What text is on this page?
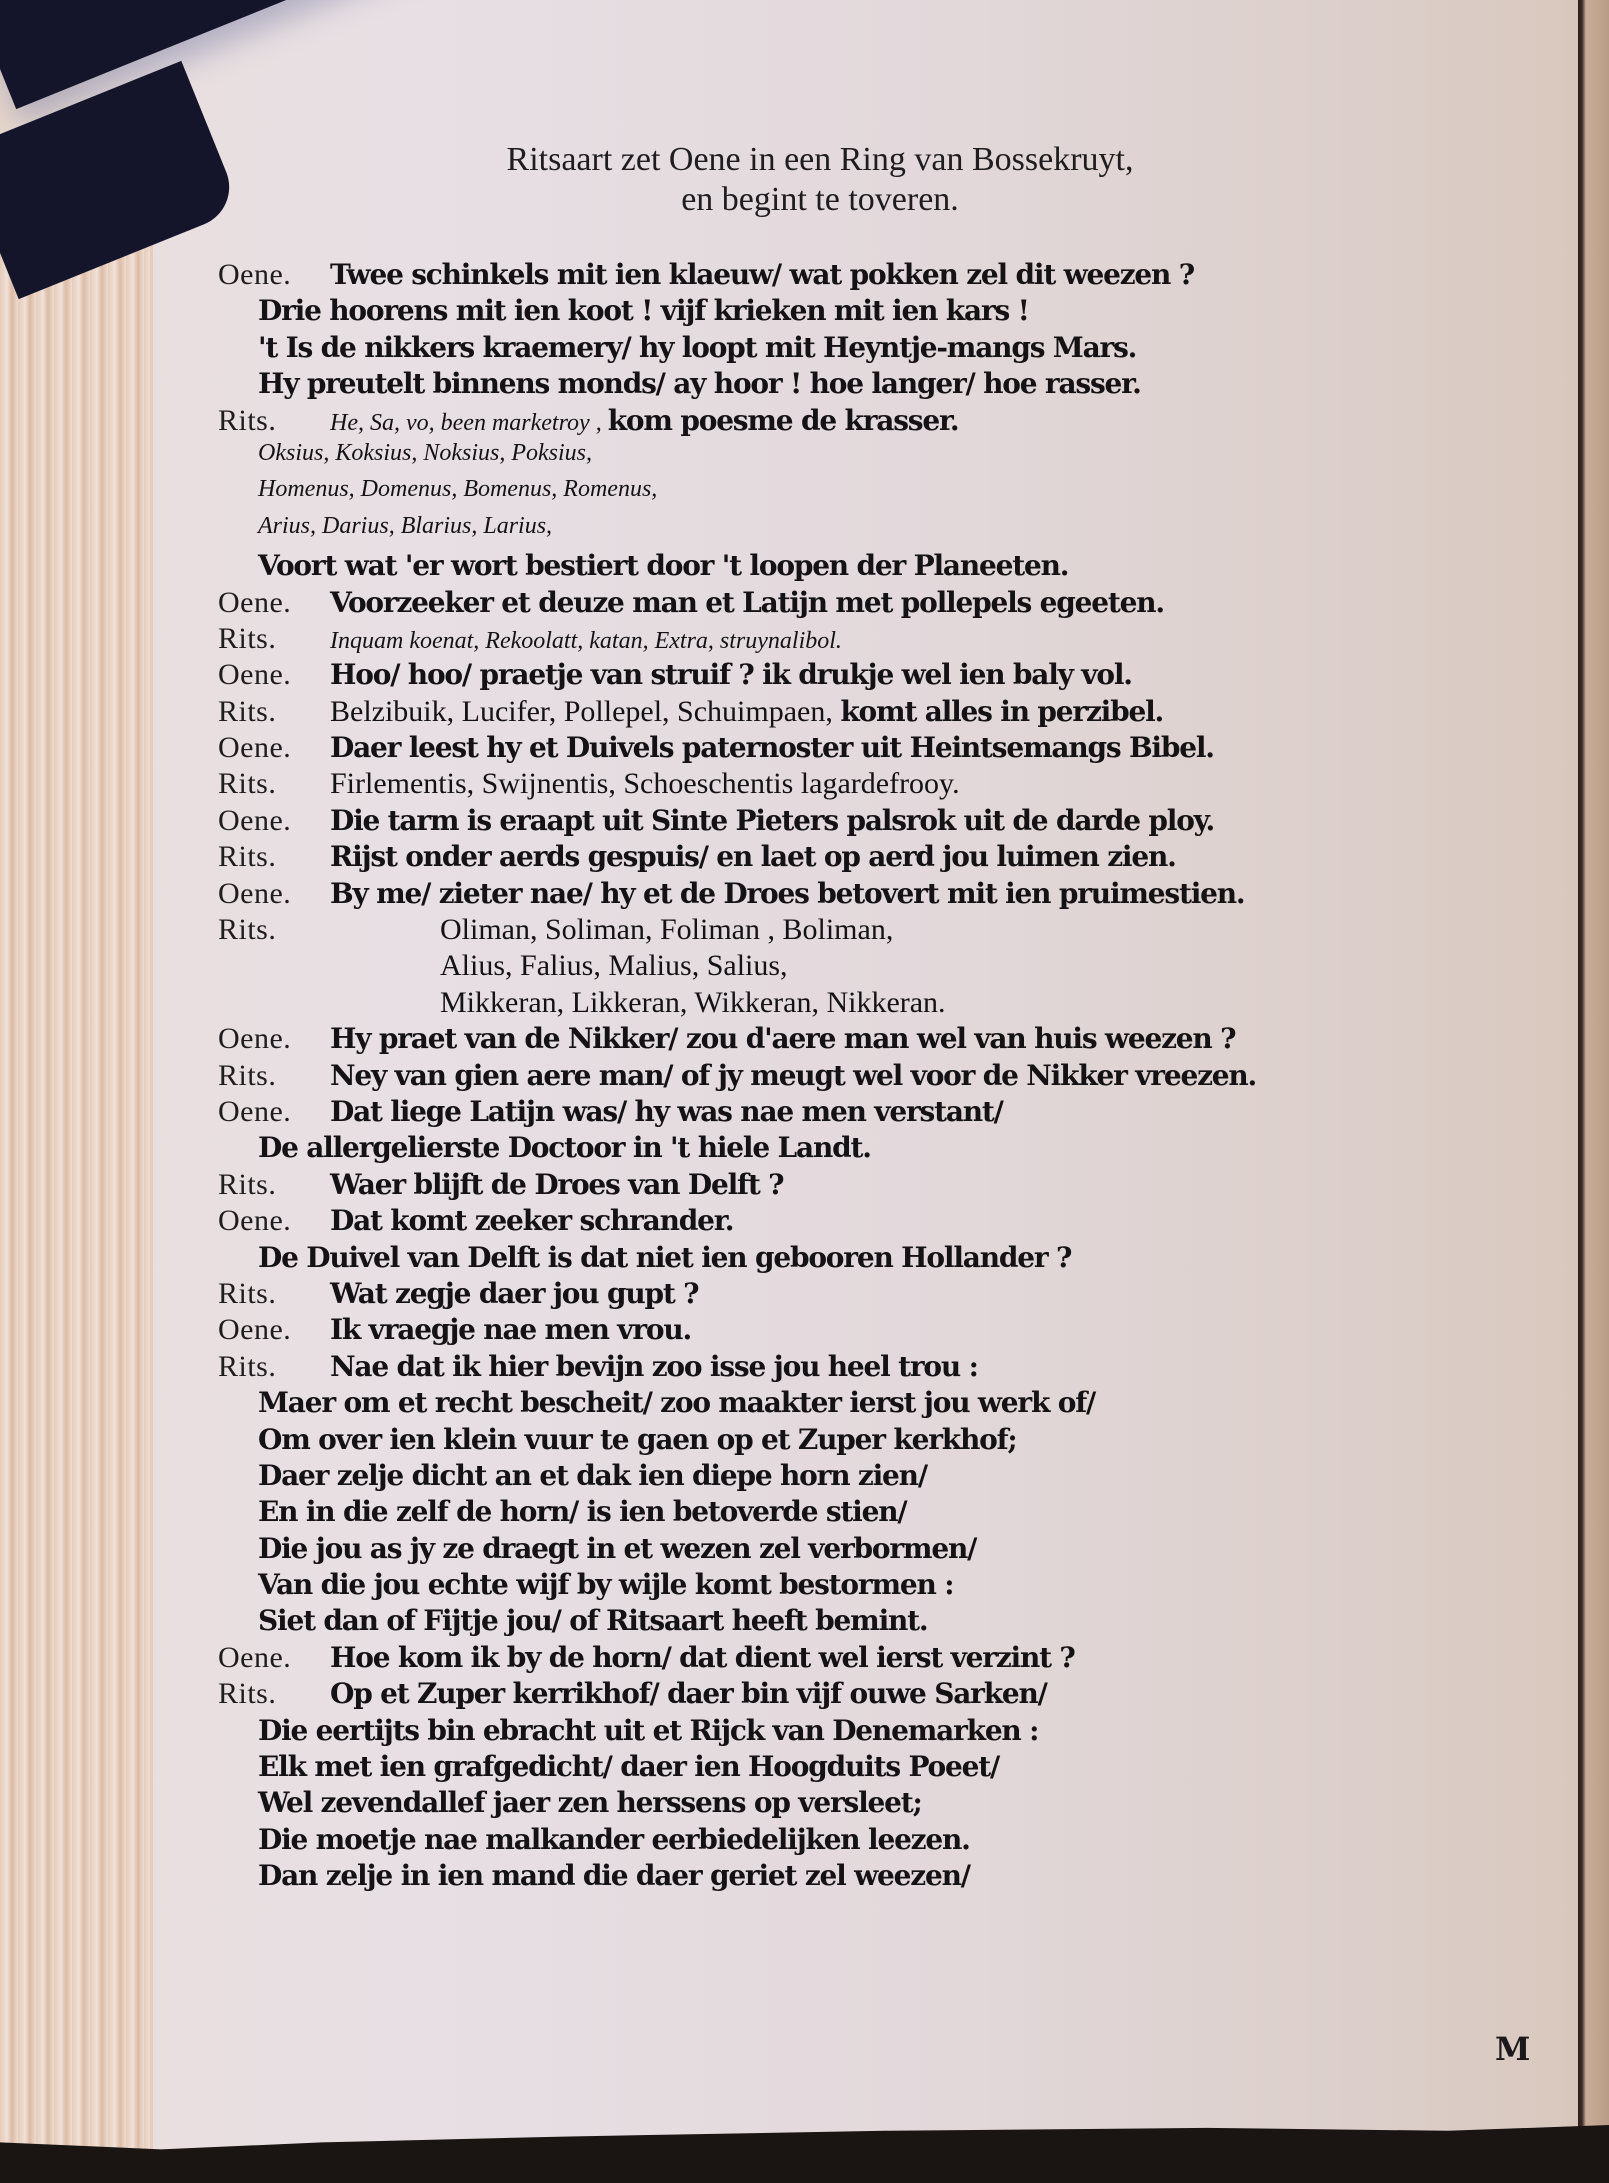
Ritsaart zet Oene in een Ring van Bossekruyt,
en begint te toveren.
Oene.	Twee schinkels mit ien klaeuw/ wat pokken zel dit weezen ?
Drie hoorens mit ien koot ! vijf krieken mit ien kars !
't Is de nikkers kraemery/ hy loopt mit Heyntje-mangs Mars.
Hy preutelt binnens monds/ ay hoor ! hoe langer/ hoe rasser.
Rits.	He, Sa, vo, been marketroy , kom poesme de krasser.
Oksius, Koksius, Noksius, Poksius,
Homenus, Domenus, Bomenus, Romenus,
Arius, Darius, Blarius, Larius,
Voort wat 'er wort bestiert door 't loopen der Planeeten.
Oene.	Voorzeeker et deuze man et Latijn met pollepels egeeten.
Rits.	Inquam koenat, Rekoolatt, katan, Extra, struynalibol.
Oene.	Hoo/ hoo/ praetje van struif ? ik drukje wel ien baly vol.
Rits.	Belzibuik, Lucifer, Pollepel, Schuimpaen, komt alles in perzibel.
Oene.	Daer leest hy et Duivels paternoster uit Heintsemangs Bibel.
Rits.	Firlementis, Swijnentis, Schoeschentis lagardefrooy.
Oene.	Die tarm is eraapt uit Sinte Pieters palsrok uit de darde ploy.
Rits.	Rijst onder aerds gespuis/ en laet op aerd jou luimen zien.
Oene.	By me/ zieter nae/ hy et de Droes betovert mit ien pruimestien.
Rits.	Oliman, Soliman, Foliman , Boliman,
Alius, Falius, Malius, Salius,
Mikkeran, Likkeran, Wikkeran, Nikkeran.
Oene.	Hy praet van de Nikker/ zou d'aere man wel van huis weezen ?
Rits.	Ney van gien aere man/ of jy meugt wel voor de Nikker vreezen.
Oene.	Dat liege Latijn was/ hy was nae men verstant/
De allergelierste Doctoor in 't hiele Landt.
Rits.	Waer blijft de Droes van Delft ?
Oene.	Dat komt zeeker schrander.
De Duivel van Delft is dat niet ien gebooren Hollander ?
Rits.	Wat zegje daer jou gupt ?
Oene.	Ik vraegje nae men vrou.
Rits.	Nae dat ik hier bevijn zoo isse jou heel trou :
Maer om et recht bescheit/ zoo maakter ierst jou werk of/
Om over ien klein vuur te gaen op et Zuper kerkhof;
Daer zelje dicht an et dak ien diepe horn zien/
En in die zelf de horn/ is ien betoverde stien/
Die jou as jy ze draegt in et wezen zel verbormen/
Van die jou echte wijf by wijle komt bestormen :
Siet dan of Fijtje jou/ of Ritsaart heeft bemint.
Oene.	Hoe kom ik by de horn/ dat dient wel ierst verzint ?
Rits.	Op et Zuper kerrikhof/ daer bin vijf ouwe Sarken/
Die eertijts bin ebracht uit et Rijck van Denemarken :
Elk met ien grafgedicht/ daer ien Hoogduits Poeet/
Wel zevendallef jaer zen herssens op versleet;
Die moetje nae malkander eerbiedelijken leezen.
Dan zelje in ien mand die daer geriet zel weezen/
M
